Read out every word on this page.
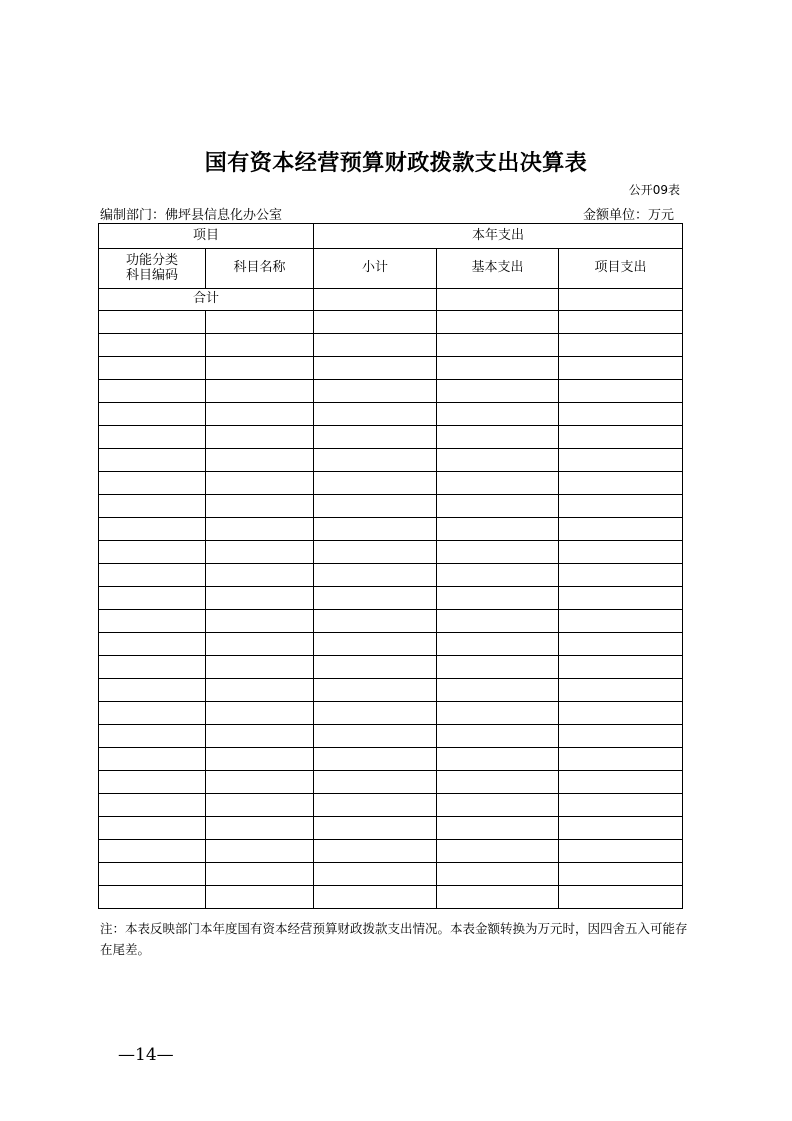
国有资本经营预算财政拨款支出决算表
公开09表
编制部门：佛坪县信息化办公室	金额单位：万元
项目		本年支出		
功能分类
科目编码	科目名称	小计	基本支出	项目支出
合计				

注：本表反映部门本年度国有资本经营预算财政拨款支出情况。本表金额转换为万元时，因四舍五入可能存在尾差。
—14—
